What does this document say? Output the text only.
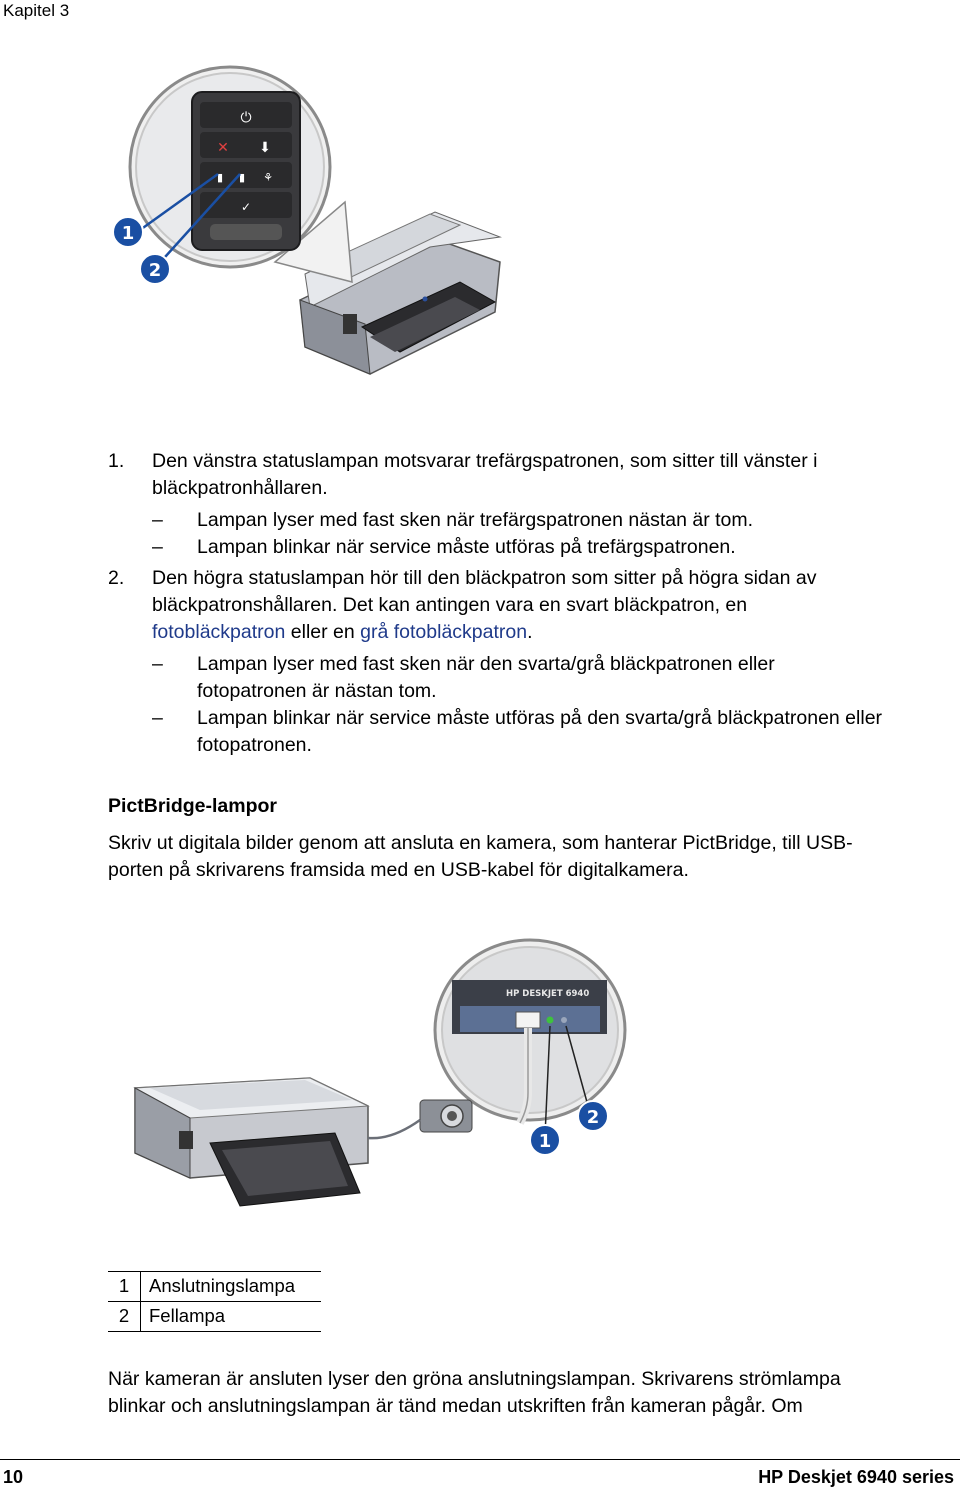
Kapitel 3
⏻
✕ ⬇
▮ ▮ ⚘
✓
1
2
1. Den vänstra statuslampan motsvarar trefärgspatronen, som sitter till vänster i
bläckpatronhållaren.
– Lampan lyser med fast sken när trefärgspatronen nästan är tom.
– Lampan blinkar när service måste utföras på trefärgspatronen.
2. Den högra statuslampan hör till den bläckpatron som sitter på högra sidan av
bläckpatronshållaren. Det kan antingen vara en svart bläckpatron, en
fotobläckpatron eller en grå fotobläckpatron.
– Lampan lyser med fast sken när den svarta/grå bläckpatronen eller
fotopatronen är nästan tom.
– Lampan blinkar när service måste utföras på den svarta/grå bläckpatronen eller
fotopatronen.
PictBridge-lampor
Skriv ut digitala bilder genom att ansluta en kamera, som hanterar PictBridge, till USB-
porten på skrivarens framsida med en USB-kabel för digitalkamera.
HP DESKJET 6940
1
2
1	Anslutningslampa
2	Fellampa
När kameran är ansluten lyser den gröna anslutningslampan. Skrivarens strömlampa
blinkar och anslutningslampan är tänd medan utskriften från kameran pågår. Om
10	HP Deskjet 6940 series
